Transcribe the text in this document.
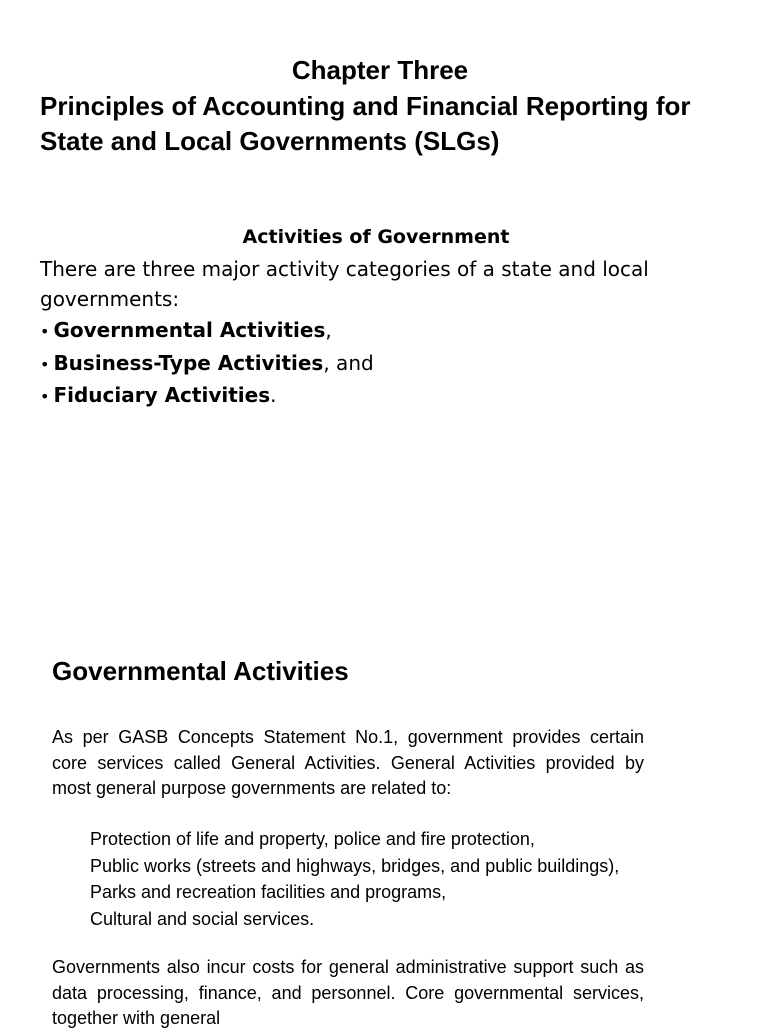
Chapter Three
Principles of Accounting and Financial Reporting for State and Local Governments (SLGs)
Activities of Government
There are three major activity categories of a state and local governments:
• Governmental Activities,
• Business-Type Activities, and
• Fiduciary Activities.
Governmental Activities
As per GASB Concepts Statement No.1, government provides certain core services called General Activities. General Activities provided by most general purpose governments are related to:
Protection of life and property, police and fire protection,
Public works (streets and highways, bridges, and public buildings),
Parks and recreation facilities and programs,
Cultural and social services.
Governments also incur costs for general administrative support such as data processing, finance, and personnel. Core governmental services, together with general
